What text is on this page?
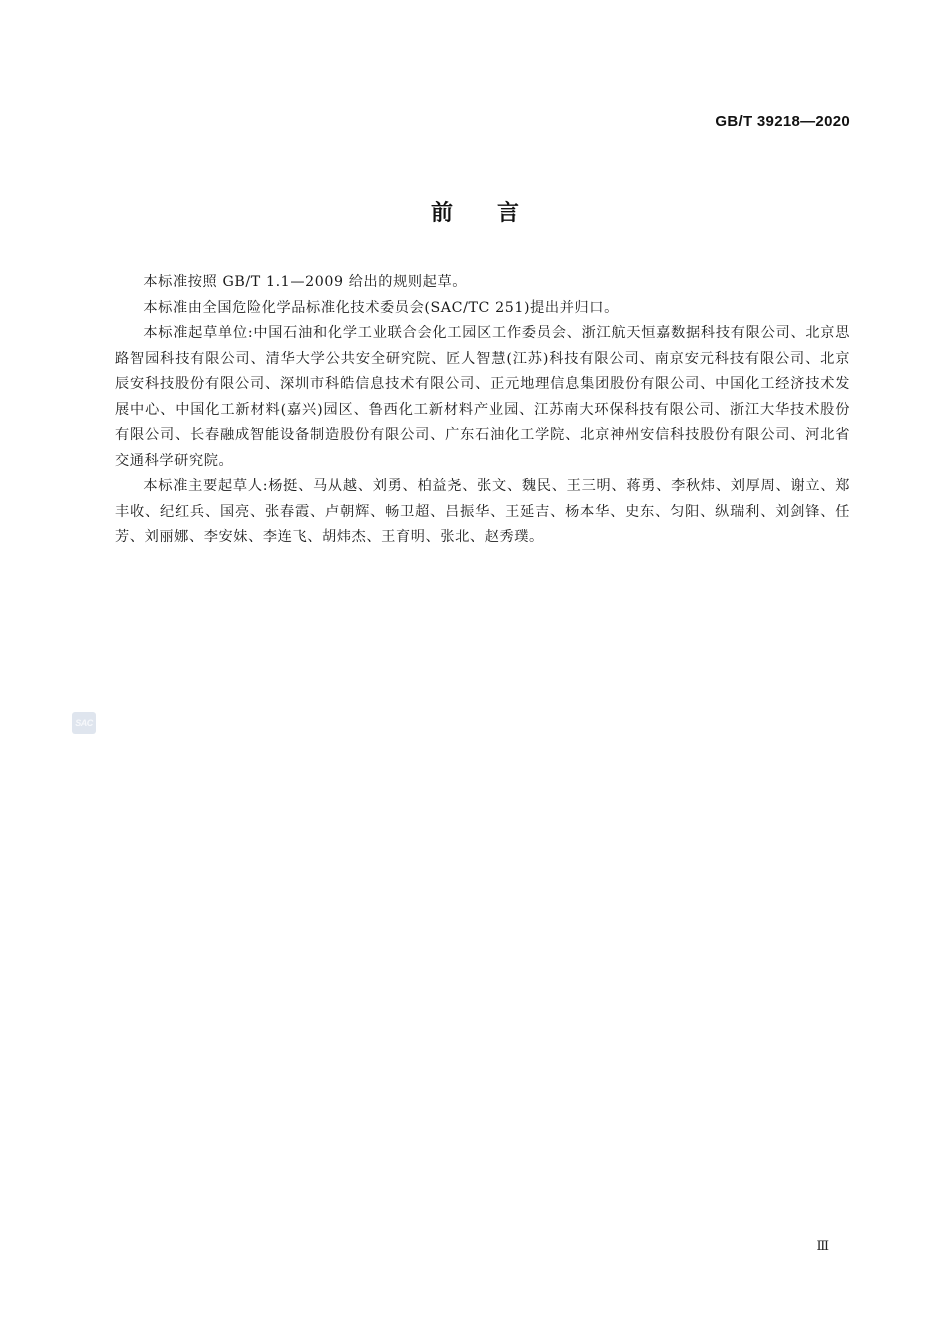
GB/T 39218—2020
前言

本标准按照 GB/T 1.1—2009 给出的规则起草。

本标准由全国危险化学品标准化技术委员会(SAC/TC 251)提出并归口。

本标准起草单位:中国石油和化学工业联合会化工园区工作委员会、浙江航天恒嘉数据科技有限公司、北京思路智园科技有限公司、清华大学公共安全研究院、匠人智慧(江苏)科技有限公司、南京安元科技有限公司、北京辰安科技股份有限公司、深圳市科皓信息技术有限公司、正元地理信息集团股份有限公司、中国化工经济技术发展中心、中国化工新材料(嘉兴)园区、鲁西化工新材料产业园、江苏南大环保科技有限公司、浙江大华技术股份有限公司、长春融成智能设备制造股份有限公司、广东石油化工学院、北京神州安信科技股份有限公司、河北省交通科学研究院。

本标准主要起草人:杨挺、马从越、刘勇、柏益尧、张文、魏民、王三明、蒋勇、李秋炜、刘厚周、谢立、郑丰收、纪红兵、国亮、张春霞、卢朝辉、畅卫超、吕振华、王延吉、杨本华、史东、匀阳、纵瑞利、刘剑锋、任芳、刘丽娜、李安妹、李连飞、胡炜杰、王育明、张北、赵秀璞。

SAC
Ⅲ
